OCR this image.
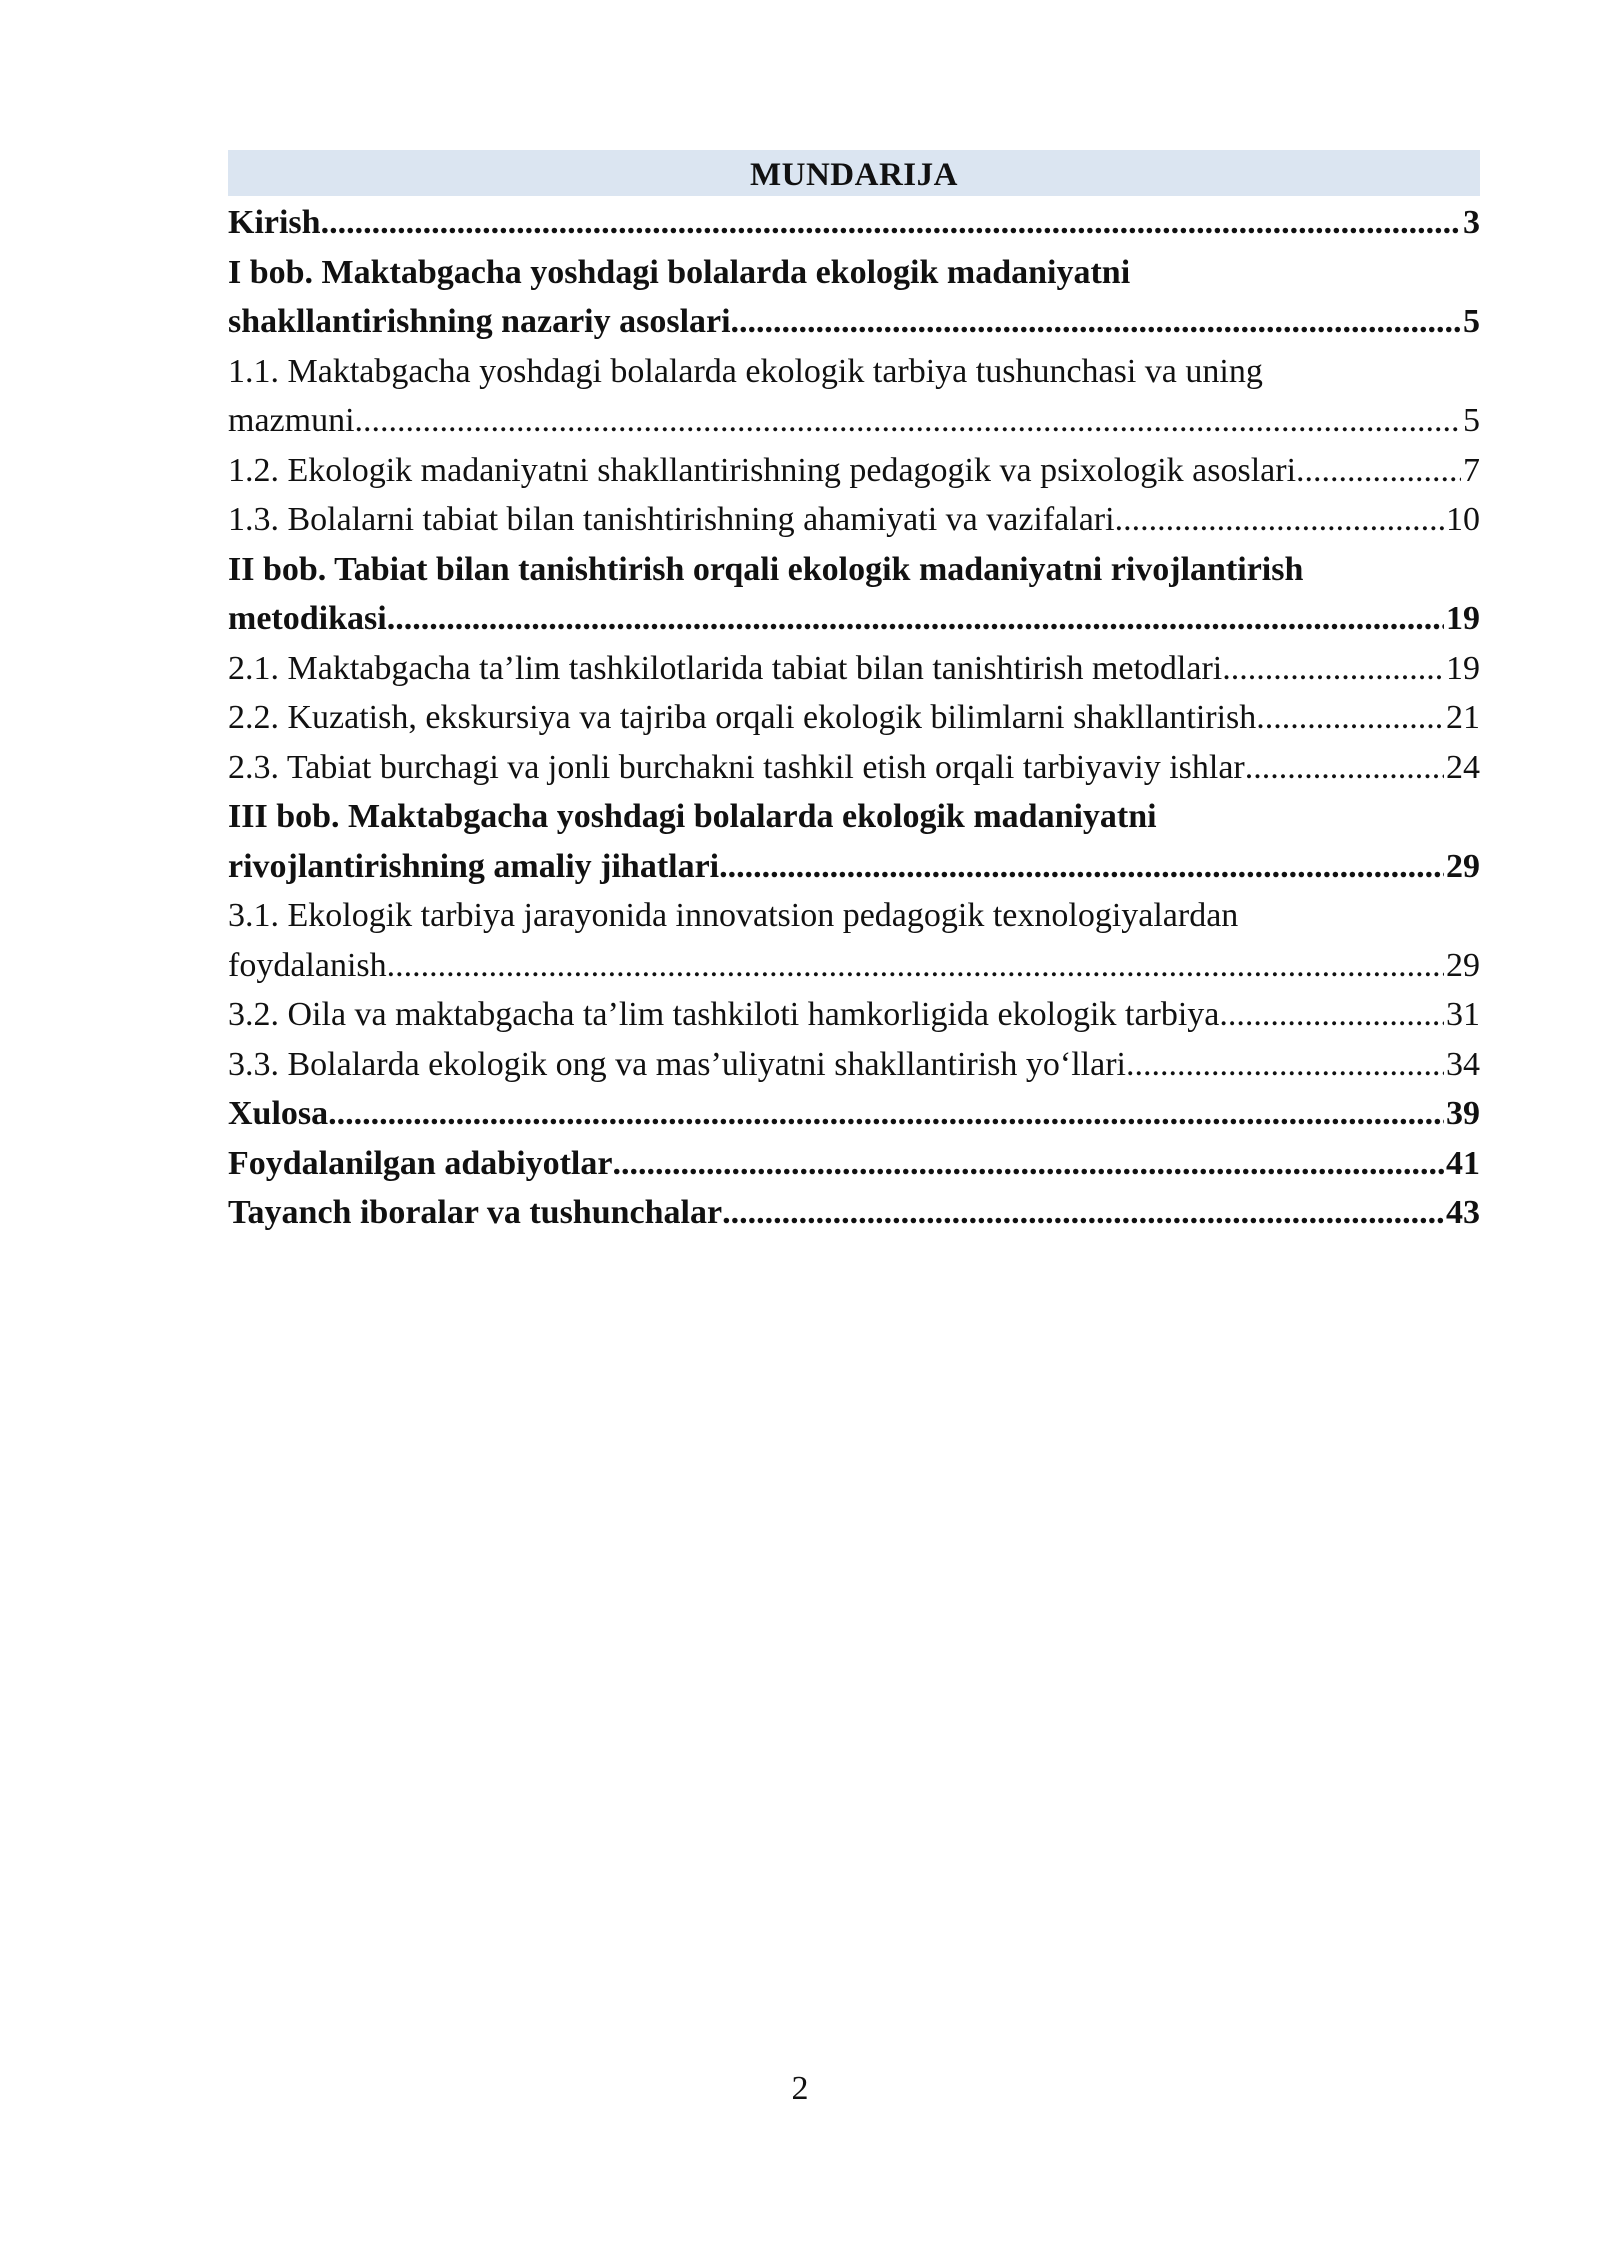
MUNDARIJA
Kirish .....	3
I bob. Maktabgacha yoshdagi bolalarda ekologik madaniyatni
shakllantirishning nazariy asoslari .....	5
1.1. Maktabgacha yoshdagi bolalarda ekologik tarbiya tushunchasi va uning
mazmuni .....	5
1.2. Ekologik madaniyatni shakllantirishning pedagogik va psixologik asoslari .....	7
1.3. Bolalarni tabiat bilan tanishtirishning ahamiyati va vazifalari .....	10
II bob. Tabiat bilan tanishtirish orqali ekologik madaniyatni rivojlantirish
metodikasi .....	19
2.1. Maktabgacha ta’lim tashkilotlarida tabiat bilan tanishtirish metodlari .....	19
2.2. Kuzatish, ekskursiya va tajriba orqali ekologik bilimlarni shakllantirish .....	21
2.3. Tabiat burchagi va jonli burchakni tashkil etish orqali tarbiyaviy ishlar .....	24
III bob. Maktabgacha yoshdagi bolalarda ekologik madaniyatni
rivojlantirishning amaliy jihatlari .....	29
3.1. Ekologik tarbiya jarayonida innovatsion pedagogik texnologiyalardan
foydalanish .....	29
3.2. Oila va maktabgacha ta’lim tashkiloti hamkorligida ekologik tarbiya .....	31
3.3. Bolalarda ekologik ong va mas’uliyatni shakllantirish yo‘llari .....	34
Xulosa .....	39
Foydalanilgan adabiyotlar .....	41
Tayanch iboralar va tushunchalar .....	43
2
